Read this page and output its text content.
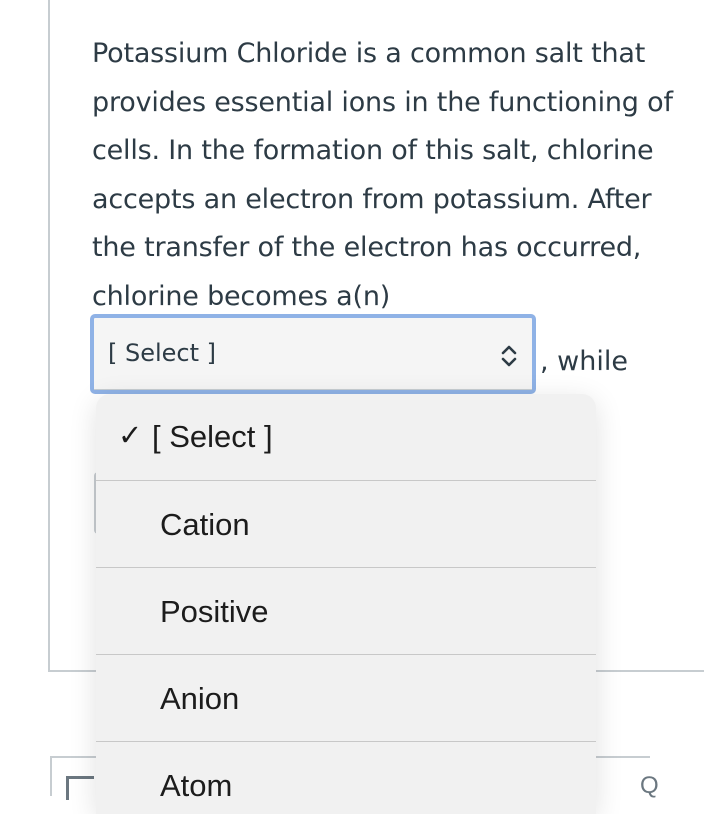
Q
Potassium Chloride is a common salt that
provides essential ions in the functioning of
cells. In the formation of this salt, chlorine
accepts an electron from potassium. After
the transfer of the electron has occurred,
chlorine becomes a(n)
[ Select ]	, while
✓ [ Select ]
Cation
Positive
Anion
Atom
